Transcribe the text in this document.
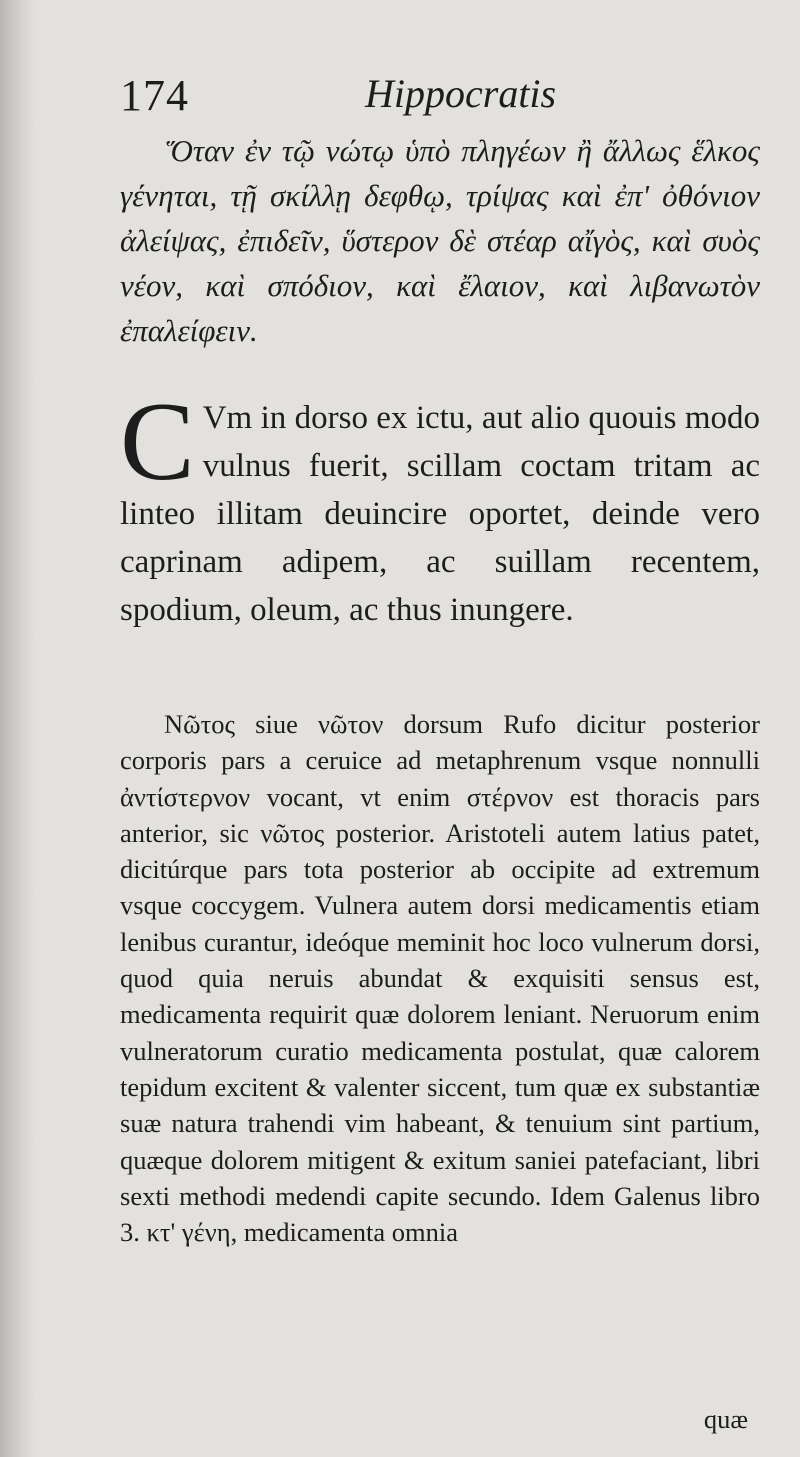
174	Hippocratis

Ὅταν ἐν τῷ νώτῳ ὑπὸ πληγέων ἢ ἄλλως ἕλκος γένηται, τῇ σκίλλῃ δεφθῳ, τρίψας καὶ ἐπ' ὀθόνιον ἀλείψας, ἐπιδεῖν, ὕστερον δὲ στέαρ αἴγὸς, καὶ συὸς νέον, καὶ σπόδιον, καὶ ἔλαιον, καὶ λιβανωτὸν ἐπαλείφειν.

C Vm in dorso ex ictu, aut alio quouis modo vulnus fuerit, scillam coctam tritam ac linteo illitam deuincire oportet, deinde vero caprinam adipem, ac suillam recentem, spodium, oleum, ac thus inungere.

Νῶτος siue νῶτον dorsum Rufo dicitur posterior corporis pars a ceruice ad metaphrenum vsque nonnulli ἀντίστερνον vocant, vt enim στέρνον est thoracis pars anterior, sic νῶτος posterior. Aristoteli autem latius patet, dicitúrque pars tota posterior ab occipite ad extremum vsque coccygem. Vulnera autem dorsi medicamentis etiam lenibus curantur, ideóque meminit hoc loco vulnerum dorsi, quod quia neruis abundat & exquisiti sensus est, medicamenta requirit quæ dolorem leniant. Neruorum enim vulneratorum curatio medicamenta postulat, quæ calorem tepidum excitent & valenter siccent, tum quæ ex substantiæ suæ natura trahendi vim habeant, & tenuium sint partium, quæque dolorem mitigent & exitum saniei patefaciant, libri sexti methodi medendi capite secundo. Idem Galenus libro 3. κτ' γένη, medicamenta omnia

quæ
